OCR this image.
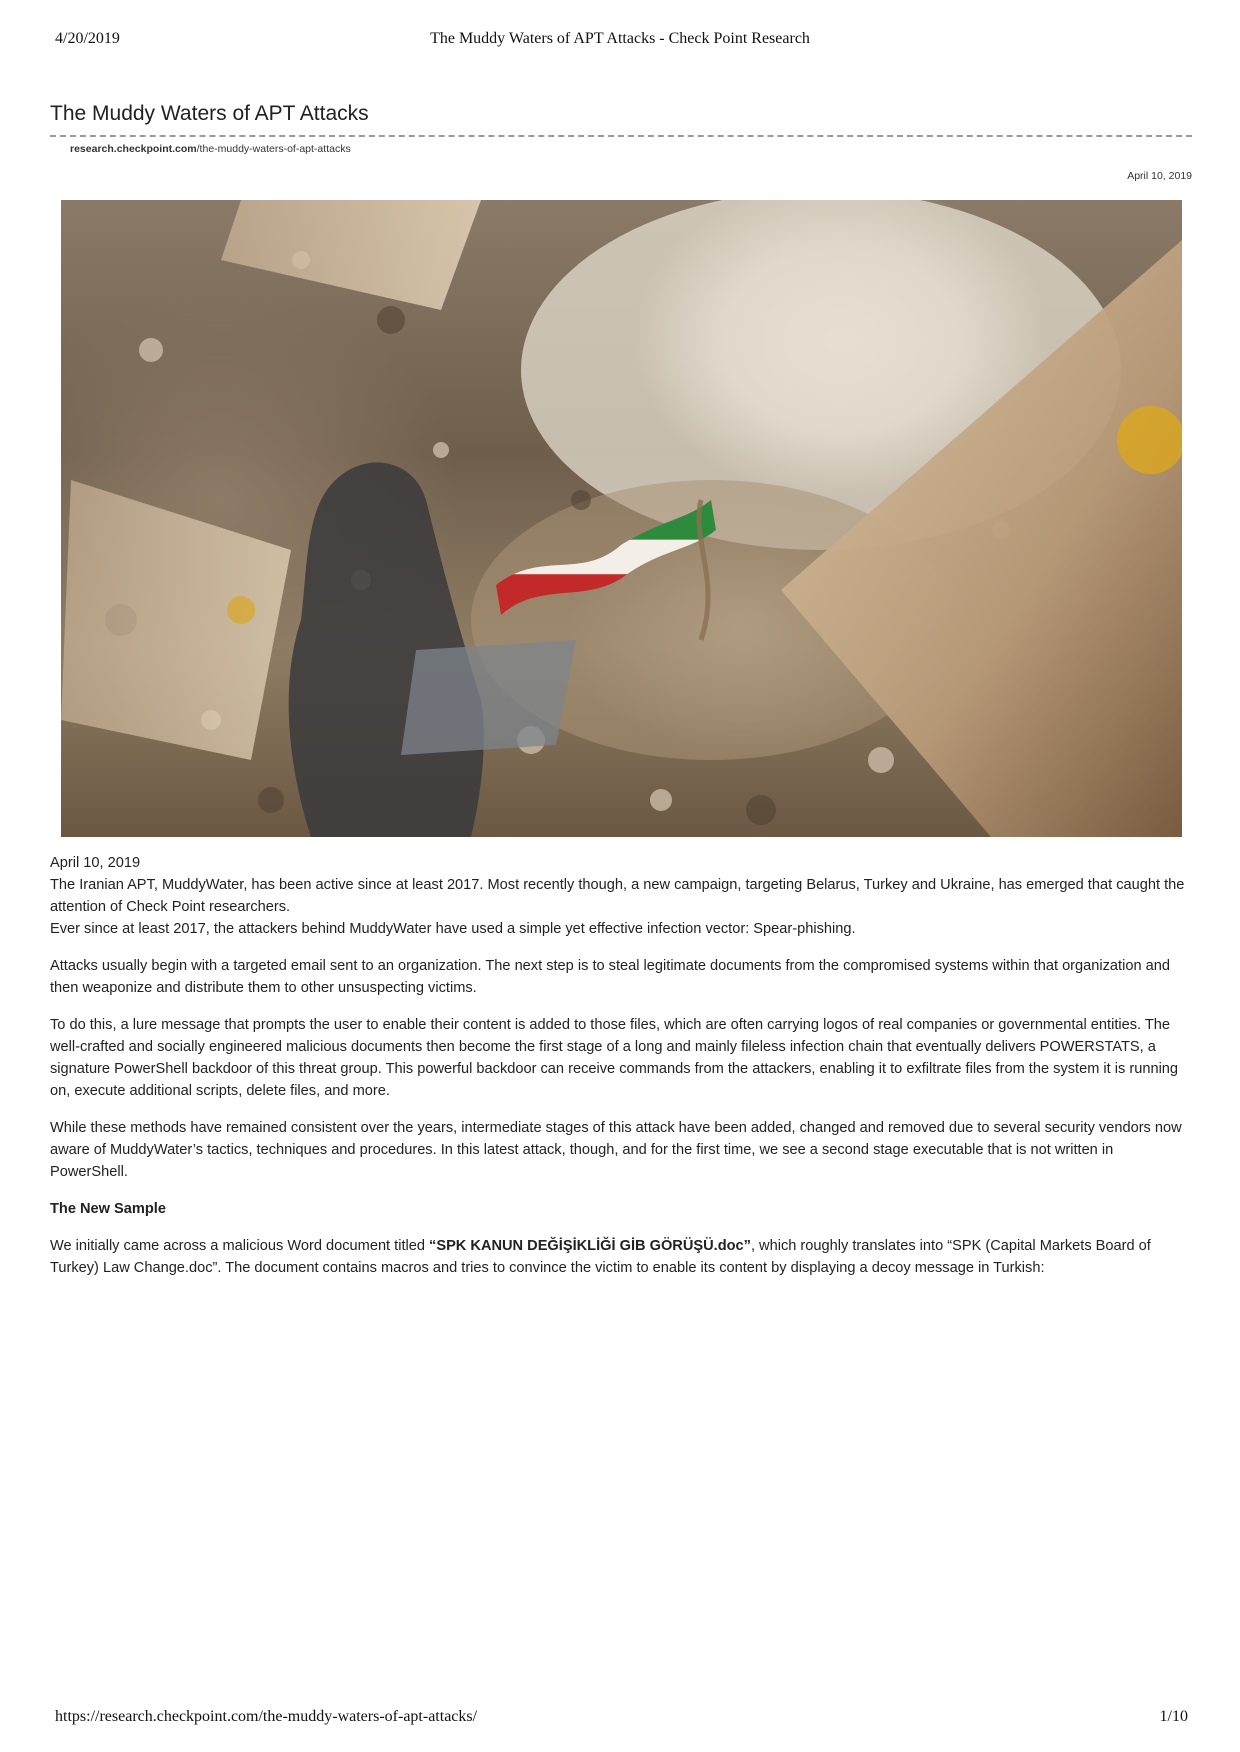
4/20/2019	The Muddy Waters of APT Attacks - Check Point Research
The Muddy Waters of APT Attacks
research.checkpoint.com/the-muddy-waters-of-apt-attacks
April 10, 2019

April 10, 2019

The Iranian APT, MuddyWater, has been active since at least 2017. Most recently though, a new campaign, targeting Belarus, Turkey and Ukraine, has emerged that caught the attention of Check Point researchers.

Ever since at least 2017, the attackers behind MuddyWater have used a simple yet effective infection vector: Spear-phishing.

Attacks usually begin with a targeted email sent to an organization. The next step is to steal legitimate documents from the compromised systems within that organization and then weaponize and distribute them to other unsuspecting victims.

To do this, a lure message that prompts the user to enable their content is added to those files, which are often carrying logos of real companies or governmental entities. The well-crafted and socially engineered malicious documents then become the first stage of a long and mainly fileless infection chain that eventually delivers POWERSTATS, a signature PowerShell backdoor of this threat group. This powerful backdoor can receive commands from the attackers, enabling it to exfiltrate files from the system it is running on, execute additional scripts, delete files, and more.

While these methods have remained consistent over the years, intermediate stages of this attack have been added, changed and removed due to several security vendors now aware of MuddyWater’s tactics, techniques and procedures. In this latest attack, though, and for the first time, we see a second stage executable that is not written in PowerShell.

The New Sample

We initially came across a malicious Word document titled “SPK KANUN DEĞİŞİKLİĞİ GİB GÖRÜŞÜ.doc”, which roughly translates into “SPK (Capital Markets Board of Turkey) Law Change.doc”. The document contains macros and tries to convince the victim to enable its content by displaying a decoy message in Turkish:

https://research.checkpoint.com/the-muddy-waters-of-apt-attacks/	1/10
